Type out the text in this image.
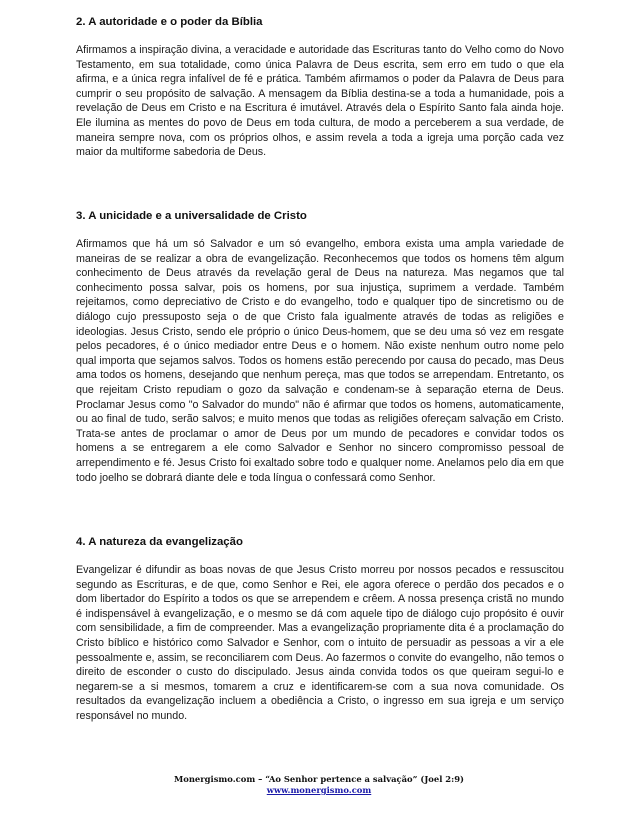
2. A autoridade e o poder da Bíblia

Afirmamos a inspiração divina, a veracidade e autoridade das Escrituras tanto do Velho como do Novo Testamento, em sua totalidade, como única Palavra de Deus escrita, sem erro em tudo o que ela afirma, e a única regra infalível de fé e prática. Também afirmamos o poder da Palavra de Deus para cumprir o seu propósito de salvação. A mensagem da Bíblia destina-se a toda a humanidade, pois a revelação de Deus em Cristo e na Escritura é imutável. Através dela o Espírito Santo fala ainda hoje. Ele ilumina as mentes do povo de Deus em toda cultura, de modo a perceberem a sua verdade, de maneira sempre nova, com os próprios olhos, e assim revela a toda a igreja uma porção cada vez maior da multiforme sabedoria de Deus.

3. A unicidade e a universalidade de Cristo

Afirmamos que há um só Salvador e um só evangelho, embora exista uma ampla variedade de maneiras de se realizar a obra de evangelização. Reconhecemos que todos os homens têm algum conhecimento de Deus através da revelação geral de Deus na natureza. Mas negamos que tal conhecimento possa salvar, pois os homens, por sua injustiça, suprimem a verdade. Também rejeitamos, como depreciativo de Cristo e do evangelho, todo e qualquer tipo de sincretismo ou de diálogo cujo pressuposto seja o de que Cristo fala igualmente através de todas as religiões e ideologias. Jesus Cristo, sendo ele próprio o único Deus-homem, que se deu uma só vez em resgate pelos pecadores, é o único mediador entre Deus e o homem. Não existe nenhum outro nome pelo qual importa que sejamos salvos. Todos os homens estão perecendo por causa do pecado, mas Deus ama todos os homens, desejando que nenhum pereça, mas que todos se arrependam. Entretanto, os que rejeitam Cristo repudiam o gozo da salvação e condenam-se à separação eterna de Deus. Proclamar Jesus como "o Salvador do mundo" não é afirmar que todos os homens, automaticamente, ou ao final de tudo, serão salvos; e muito menos que todas as religiões ofereçam salvação em Cristo. Trata-se antes de proclamar o amor de Deus por um mundo de pecadores e convidar todos os homens a se entregarem a ele como Salvador e Senhor no sincero compromisso pessoal de arrependimento e fé. Jesus Cristo foi exaltado sobre todo e qualquer nome. Anelamos pelo dia em que todo joelho se dobrará diante dele e toda língua o confessará como Senhor.

4. A natureza da evangelização

Evangelizar é difundir as boas novas de que Jesus Cristo morreu por nossos pecados e ressuscitou segundo as Escrituras, e de que, como Senhor e Rei, ele agora oferece o perdão dos pecados e o dom libertador do Espírito a todos os que se arrependem e crêem. A nossa presença cristã no mundo é indispensável à evangelização, e o mesmo se dá com aquele tipo de diálogo cujo propósito é ouvir com sensibilidade, a fim de compreender. Mas a evangelização propriamente dita é a proclamação do Cristo bíblico e histórico como Salvador e Senhor, com o intuito de persuadir as pessoas a vir a ele pessoalmente e, assim, se reconciliarem com Deus. Ao fazermos o convite do evangelho, não temos o direito de esconder o custo do discipulado. Jesus ainda convida todos os que queiram segui-lo e negarem-se a si mesmos, tomarem a cruz e identificarem-se com a sua nova comunidade. Os resultados da evangelização incluem a obediência a Cristo, o ingresso em sua igreja e um serviço responsável no mundo.

Monergismo.com – “Ao Senhor pertence a salvação” (Joel 2:9)
www.monergismo.com
